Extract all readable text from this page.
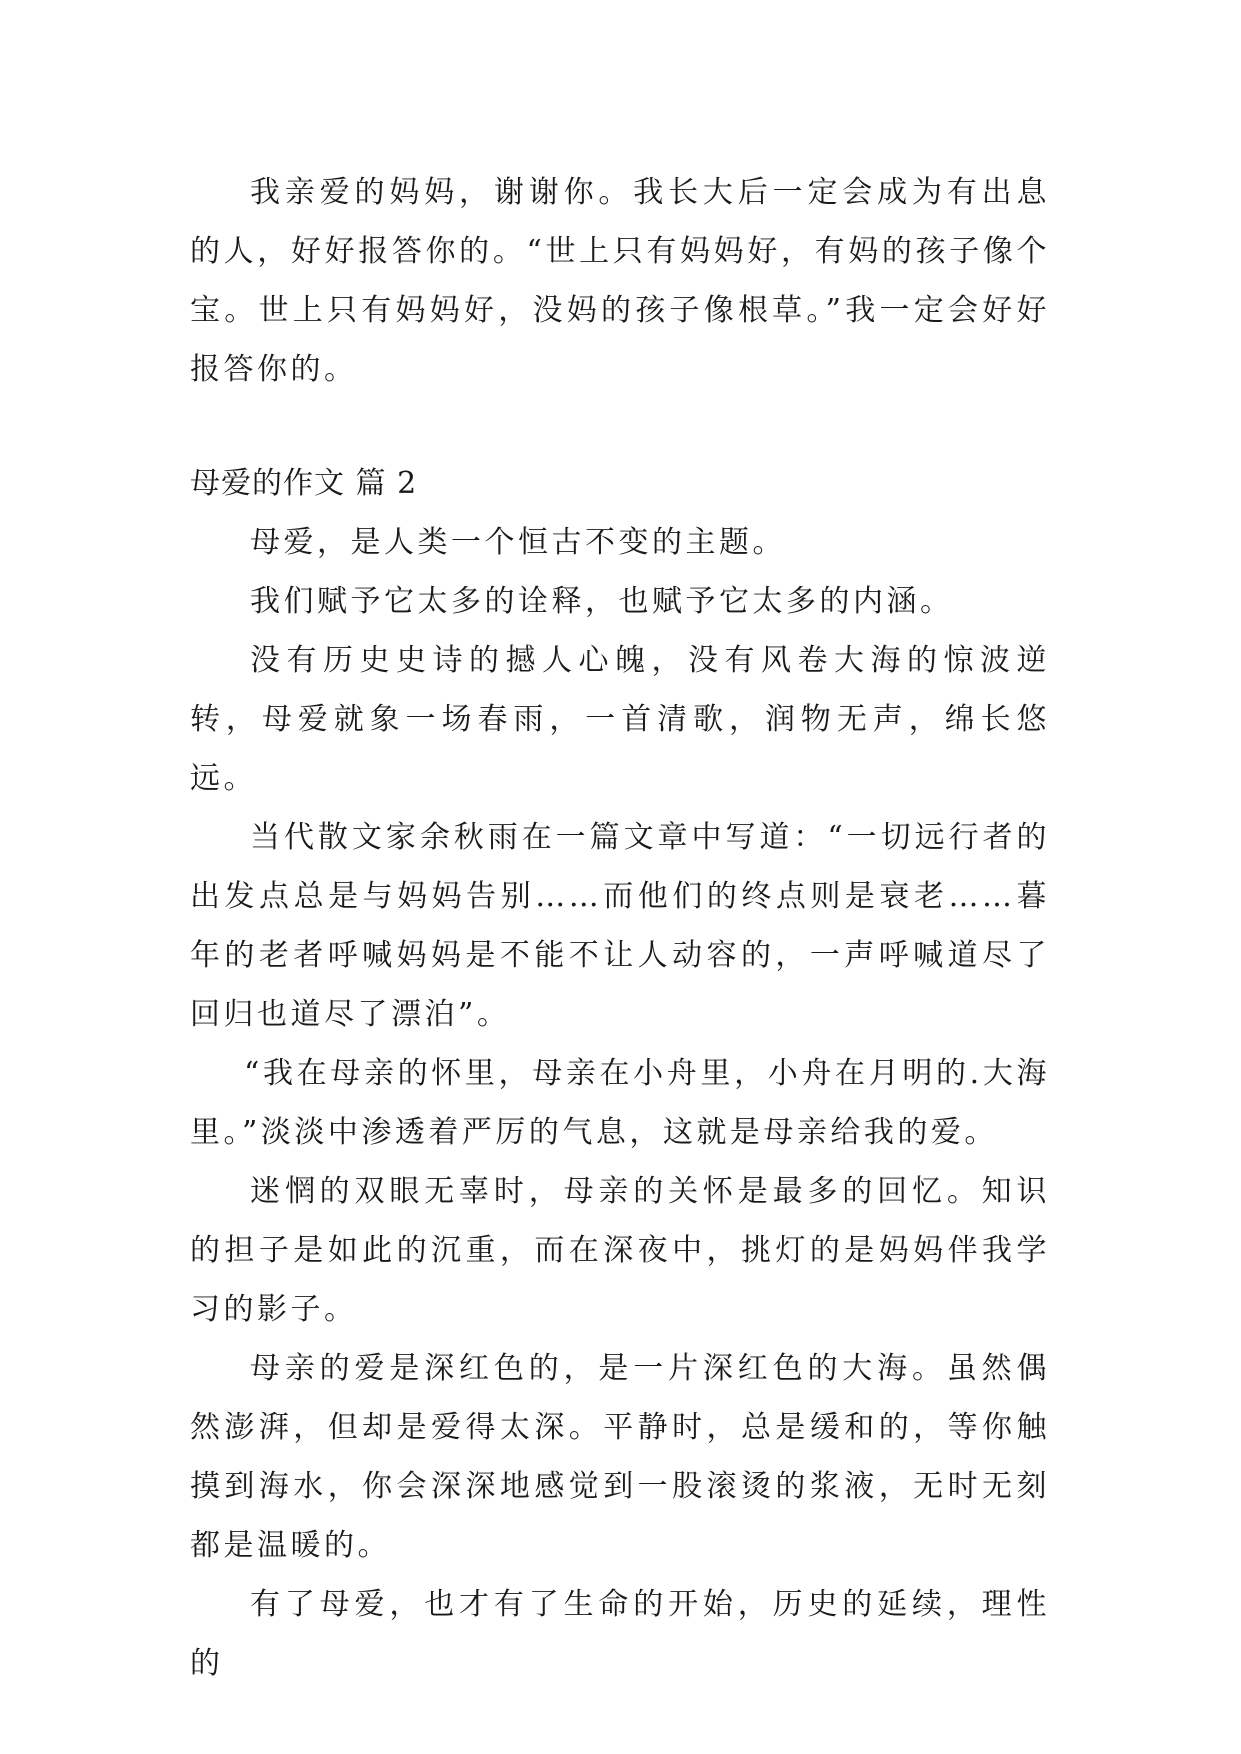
我亲爱的妈妈，谢谢你。我长大后一定会成为有出息的人，好好报答你的。“世上只有妈妈好，有妈的孩子像个宝。世上只有妈妈好，没妈的孩子像根草。”我一定会好好报答你的。

母爱的作文 篇 2

母爱，是人类一个恒古不变的主题。

我们赋予它太多的诠释，也赋予它太多的内涵。

没有历史史诗的撼人心魄，没有风卷大海的惊波逆转，母爱就象一场春雨，一首清歌，润物无声，绵长悠远。

当代散文家余秋雨在一篇文章中写道：“一切远行者的出发点总是与妈妈告别……而他们的终点则是衰老……暮年的老者呼喊妈妈是不能不让人动容的，一声呼喊道尽了回归也道尽了漂泊”。

“我在母亲的怀里，母亲在小舟里，小舟在月明的.大海里。”淡淡中渗透着严厉的气息，这就是母亲给我的爱。

迷惘的双眼无辜时，母亲的关怀是最多的回忆。知识的担子是如此的沉重，而在深夜中，挑灯的是妈妈伴我学习的影子。

母亲的爱是深红色的，是一片深红色的大海。虽然偶然澎湃，但却是爱得太深。平静时，总是缓和的，等你触摸到海水，你会深深地感觉到一股滚烫的浆液，无时无刻都是温暖的。

有了母爱，也才有了生命的开始，历史的延续，理性的
